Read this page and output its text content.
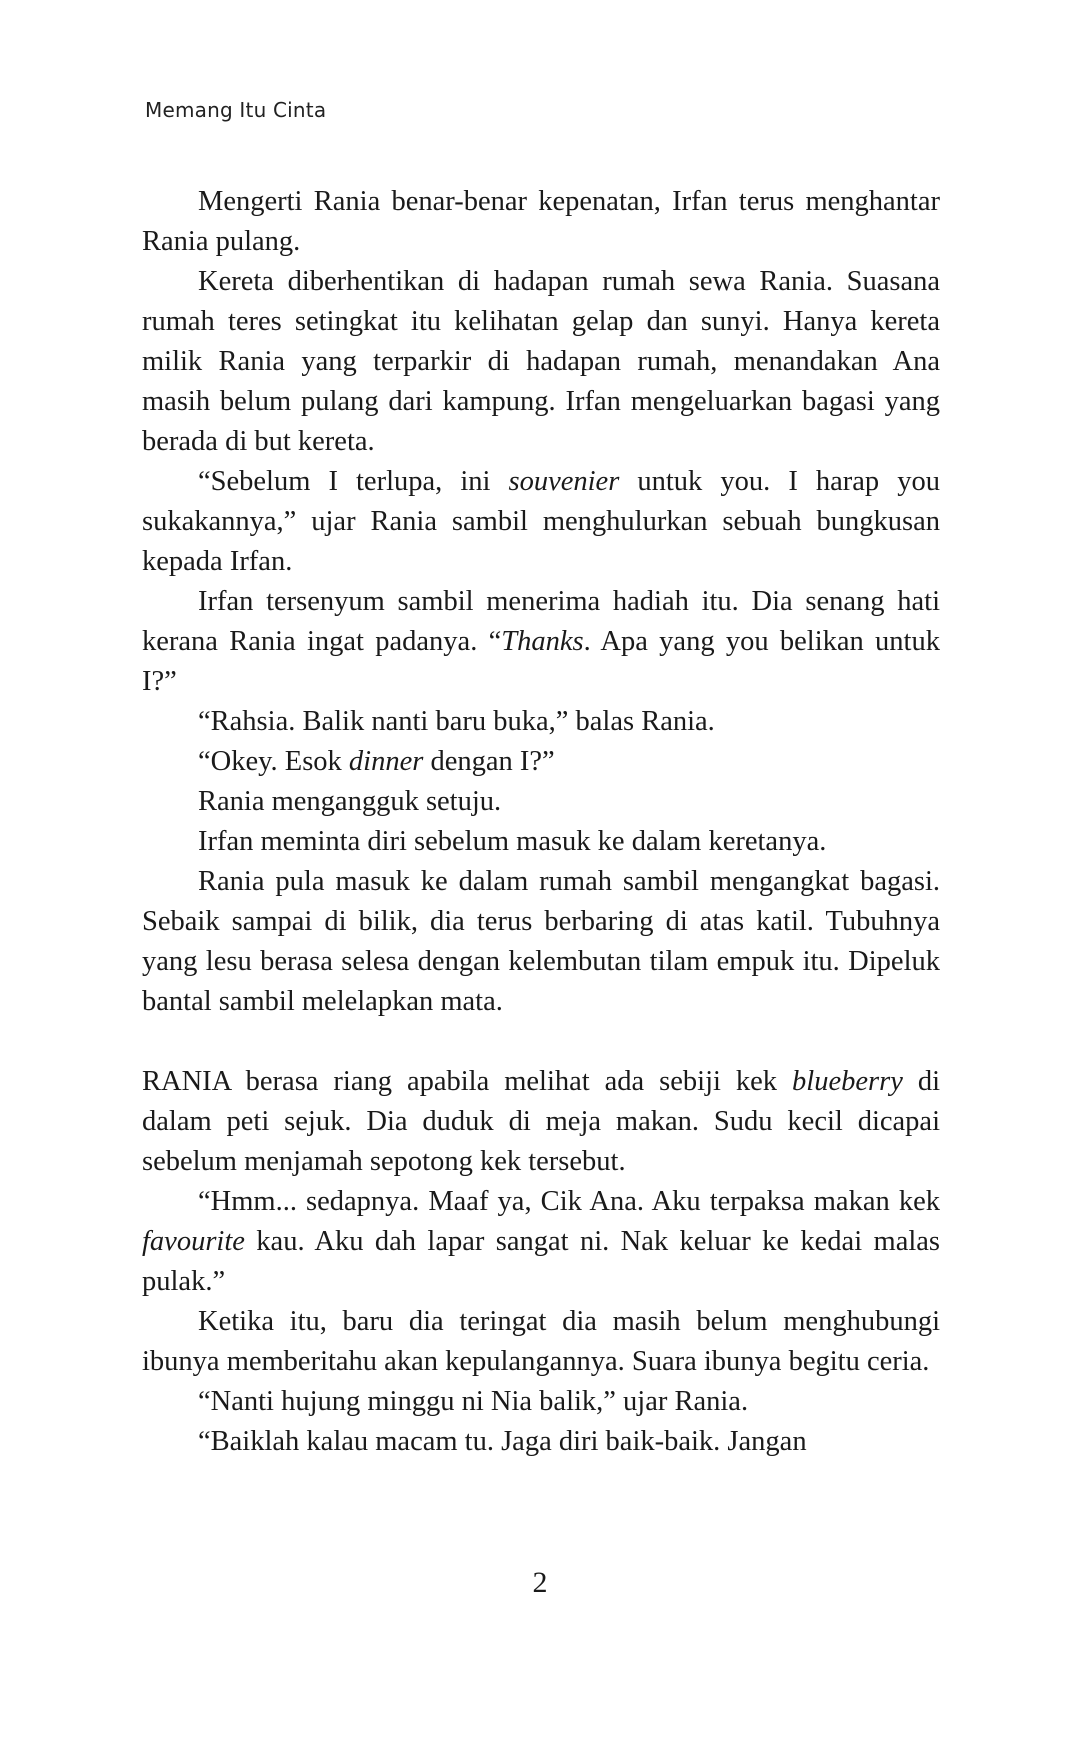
Memang Itu Cinta

Mengerti Rania benar-benar kepenatan, Irfan terus menghantar Rania pulang.

Kereta diberhentikan di hadapan rumah sewa Rania. Suasana rumah teres setingkat itu kelihatan gelap dan sunyi. Hanya kereta milik Rania yang terparkir di hadapan rumah, menandakan Ana masih belum pulang dari kampung. Irfan mengeluarkan bagasi yang berada di but kereta.

“Sebelum I terlupa, ini souvenier untuk you. I harap you sukakannya,” ujar Rania sambil menghulurkan sebuah bungkusan kepada Irfan.

Irfan tersenyum sambil menerima hadiah itu. Dia senang hati kerana Rania ingat padanya. “Thanks. Apa yang you belikan untuk I?”

“Rahsia. Balik nanti baru buka,” balas Rania.

“Okey. Esok dinner dengan I?”

Rania mengangguk setuju.

Irfan meminta diri sebelum masuk ke dalam keretanya.

Rania pula masuk ke dalam rumah sambil mengangkat bagasi. Sebaik sampai di bilik, dia terus berbaring di atas katil. Tubuhnya yang lesu berasa selesa dengan kelembutan tilam empuk itu. Dipeluk bantal sambil melelapkan mata.

RANIA berasa riang apabila melihat ada sebiji kek blueberry di dalam peti sejuk. Dia duduk di meja makan. Sudu kecil dicapai sebelum menjamah sepotong kek tersebut.

“Hmm... sedapnya. Maaf ya, Cik Ana. Aku terpaksa makan kek favourite kau. Aku dah lapar sangat ni. Nak keluar ke kedai malas pulak.”

Ketika itu, baru dia teringat dia masih belum menghubungi ibunya memberitahu akan kepulangannya. Suara ibunya begitu ceria.

“Nanti hujung minggu ni Nia balik,” ujar Rania.

“Baiklah kalau macam tu. Jaga diri baik-baik. Jangan

2
